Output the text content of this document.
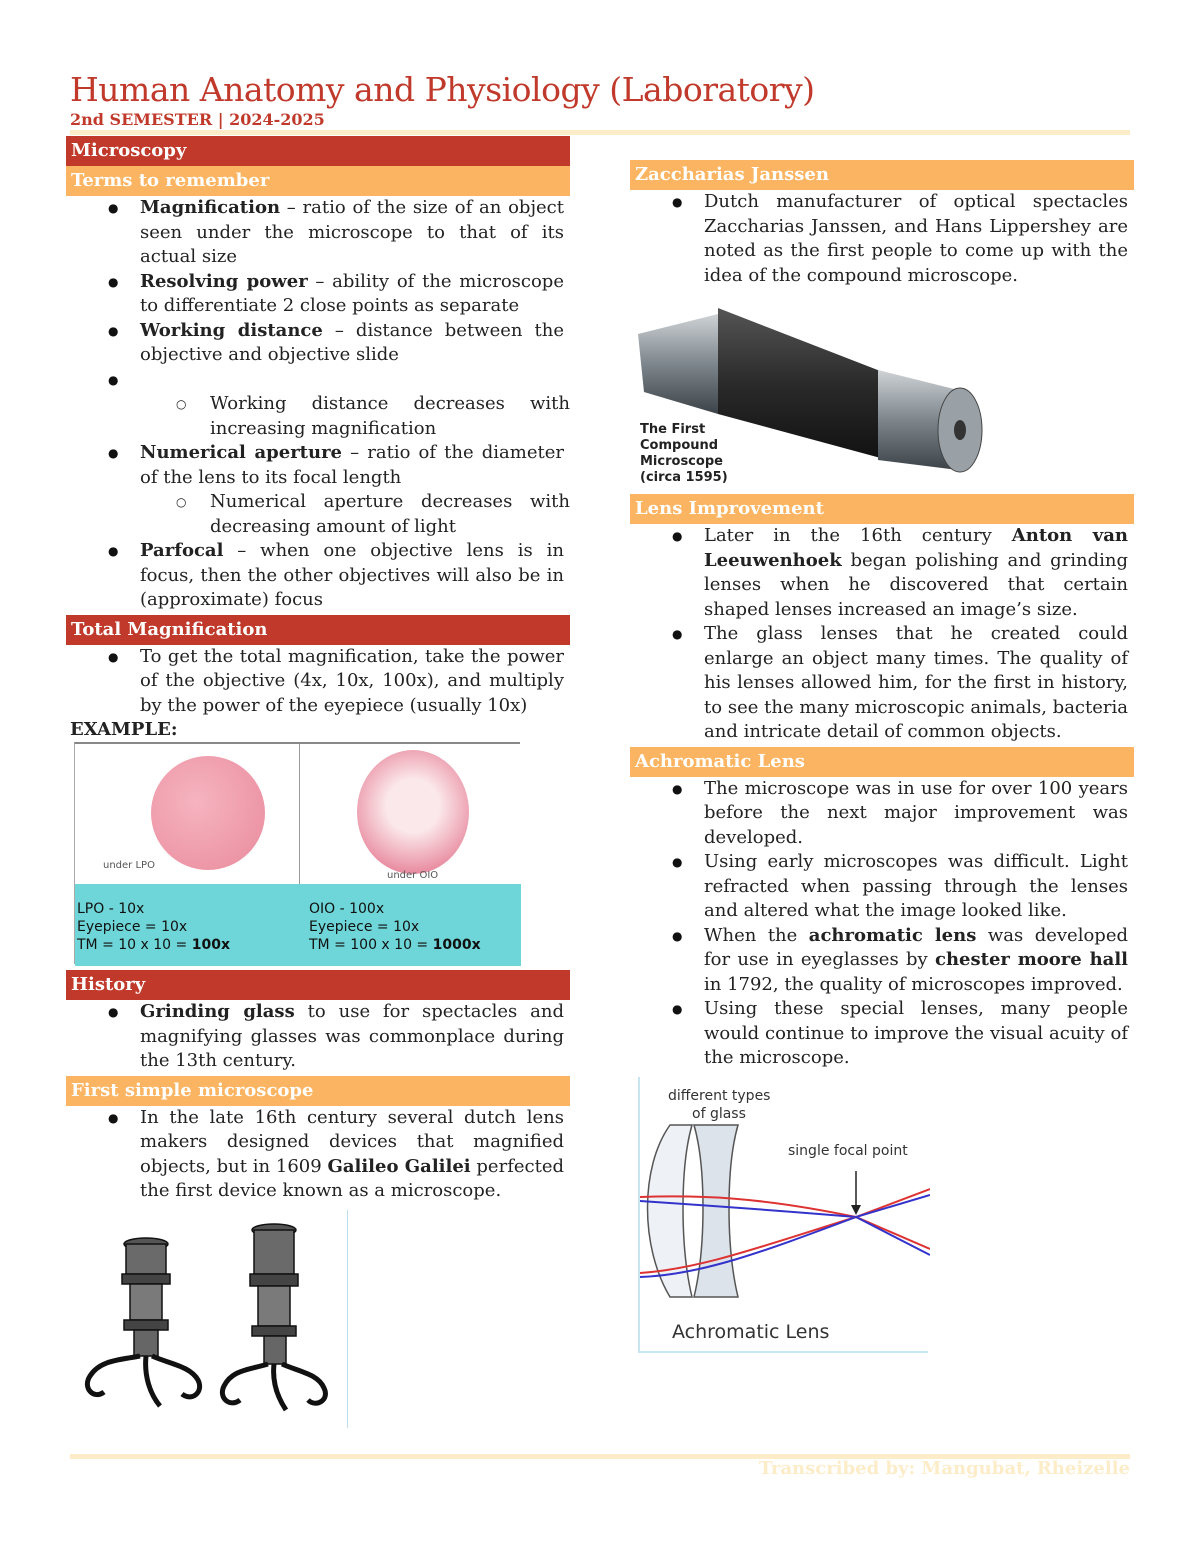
Human Anatomy and Physiology (Laboratory)
2nd SEMESTER | 2024-2025
Microscopy
Terms to remember
● Magnification – ratio of the size of an object seen under the microscope to that of its actual size
● Resolving power – ability of the microscope to differentiate 2 close points as separate
● Working distance – distance between the objective and objective slide
●
○ Working distance decreases with increasing magnification
● Numerical aperture – ratio of the diameter of the lens to its focal length
○ Numerical aperture decreases with decreasing amount of light
● Parfocal – when one objective lens is in focus, then the other objectives will also be in (approximate) focus
Total Magnification
● To get the total magnification, take the power of the objective (4x, 10x, 100x), and multiply by the power of the eyepiece (usually 10x)
EXAMPLE:
under LPO
under OIO
LPO - 10x
Eyepiece = 10x
TM = 10 x 10 = 100x
OIO - 100x
Eyepiece = 10x
TM = 100 x 10 = 1000x
History
● Grinding glass to use for spectacles and magnifying glasses was commonplace during the 13th century.
First simple microscope
● In the late 16th century several dutch lens makers designed devices that magnified objects, but in 1609 Galileo Galilei perfected the first device known as a microscope.
Zaccharias Janssen
● Dutch manufacturer of optical spectacles Zaccharias Janssen, and Hans Lippershey are noted as the first people to come up with the idea of the compound microscope.
The First
Compound
Microscope
(circa 1595)
Lens Improvement
● Later in the 16th century Anton van Leeuwenhoek began polishing and grinding lenses when he discovered that certain shaped lenses increased an image’s size.
● The glass lenses that he created could enlarge an object many times. The quality of his lenses allowed him, for the first in history, to see the many microscopic animals, bacteria and intricate detail of common objects.
Achromatic Lens
● The microscope was in use for over 100 years before the next major improvement was developed.
● Using early microscopes was difficult. Light refracted when passing through the lenses and altered what the image looked like.
● When the achromatic lens was developed for use in eyeglasses by chester moore hall in 1792, the quality of microscopes improved.
● Using these special lenses, many people would continue to improve the visual acuity of the microscope.
different types
of glass
single focal point
Achromatic Lens
Transcribed by: Mangubat, Rheizelle
